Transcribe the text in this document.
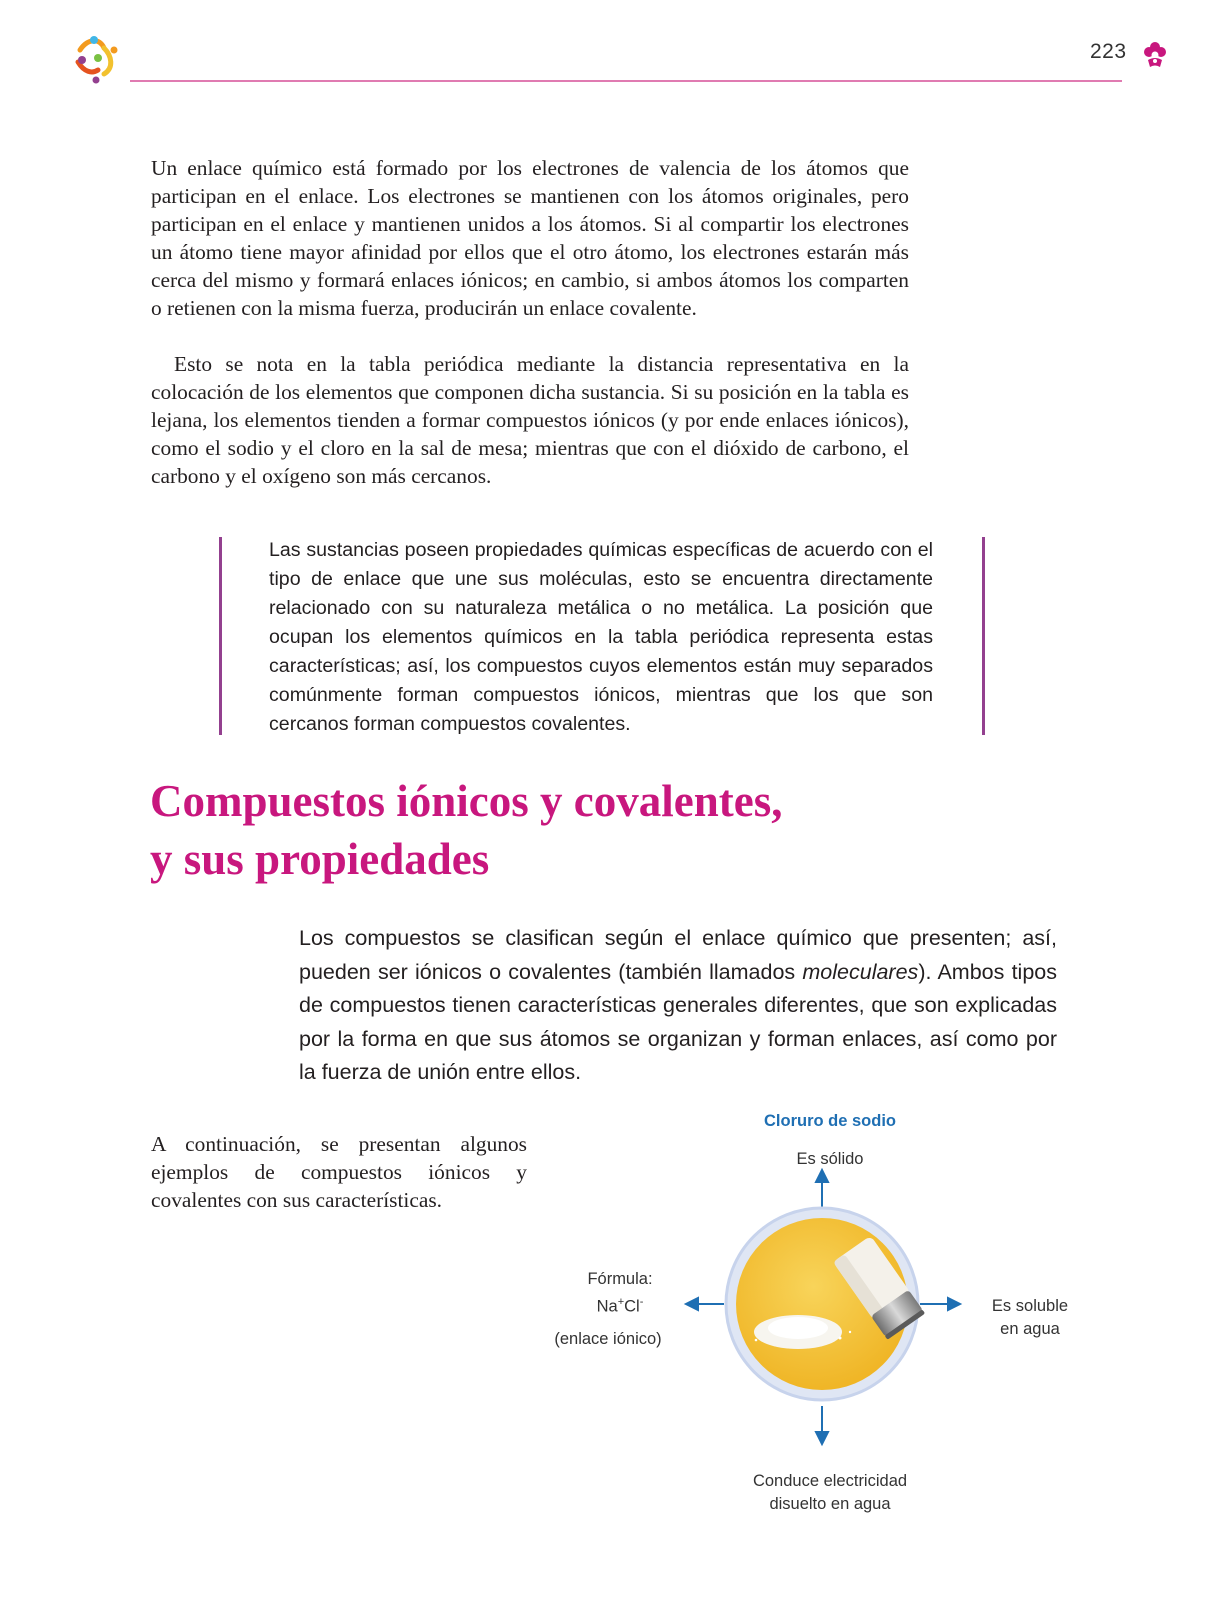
223

Un enlace químico está formado por los electrones de valencia de los átomos que participan en el enlace. Los electrones se mantienen con los átomos originales, pero participan en el enlace y mantienen unidos a los átomos. Si al compartir los electrones un átomo tiene mayor afinidad por ellos que el otro átomo, los electrones estarán más cerca del mismo y formará enlaces iónicos; en cambio, si ambos átomos los comparten o retienen con la misma fuerza, producirán un enlace covalente.

Esto se nota en la tabla periódica mediante la distancia representativa en la colocación de los elementos que componen dicha sustancia. Si su posición en la tabla es lejana, los elementos tienden a formar compuestos iónicos (y por ende enlaces iónicos), como el sodio y el cloro en la sal de mesa; mientras que con el dióxido de carbono, el carbono y el oxígeno son más cercanos.

Las sustancias poseen propiedades químicas específicas de acuerdo con el tipo de enlace que une sus moléculas, esto se encuentra directamente relacionado con su naturaleza metálica o no metálica. La posición que ocupan los elementos químicos en la tabla periódica representa estas características; así, los compuestos cuyos elementos están muy separados comúnmente forman compuestos iónicos, mientras que los que son cercanos forman compuestos covalentes.

Compuestos iónicos y covalentes,
y sus propiedades

Los compuestos se clasifican según el enlace químico que presenten; así, pueden ser iónicos o covalentes (también llamados moleculares). Ambos tipos de compuestos tienen características generales diferentes, que son explicadas por la forma en que sus átomos se organizan y forman enlaces, así como por la fuerza de unión entre ellos.

A continuación, se presentan algunos ejemplos de compuestos iónicos y covalentes con sus características.

Cloruro de sodio
Es sólido
Es soluble
en agua
Conduce electricidad
disuelto en agua
Fórmula:
Na+Cl-
(enlace iónico)
